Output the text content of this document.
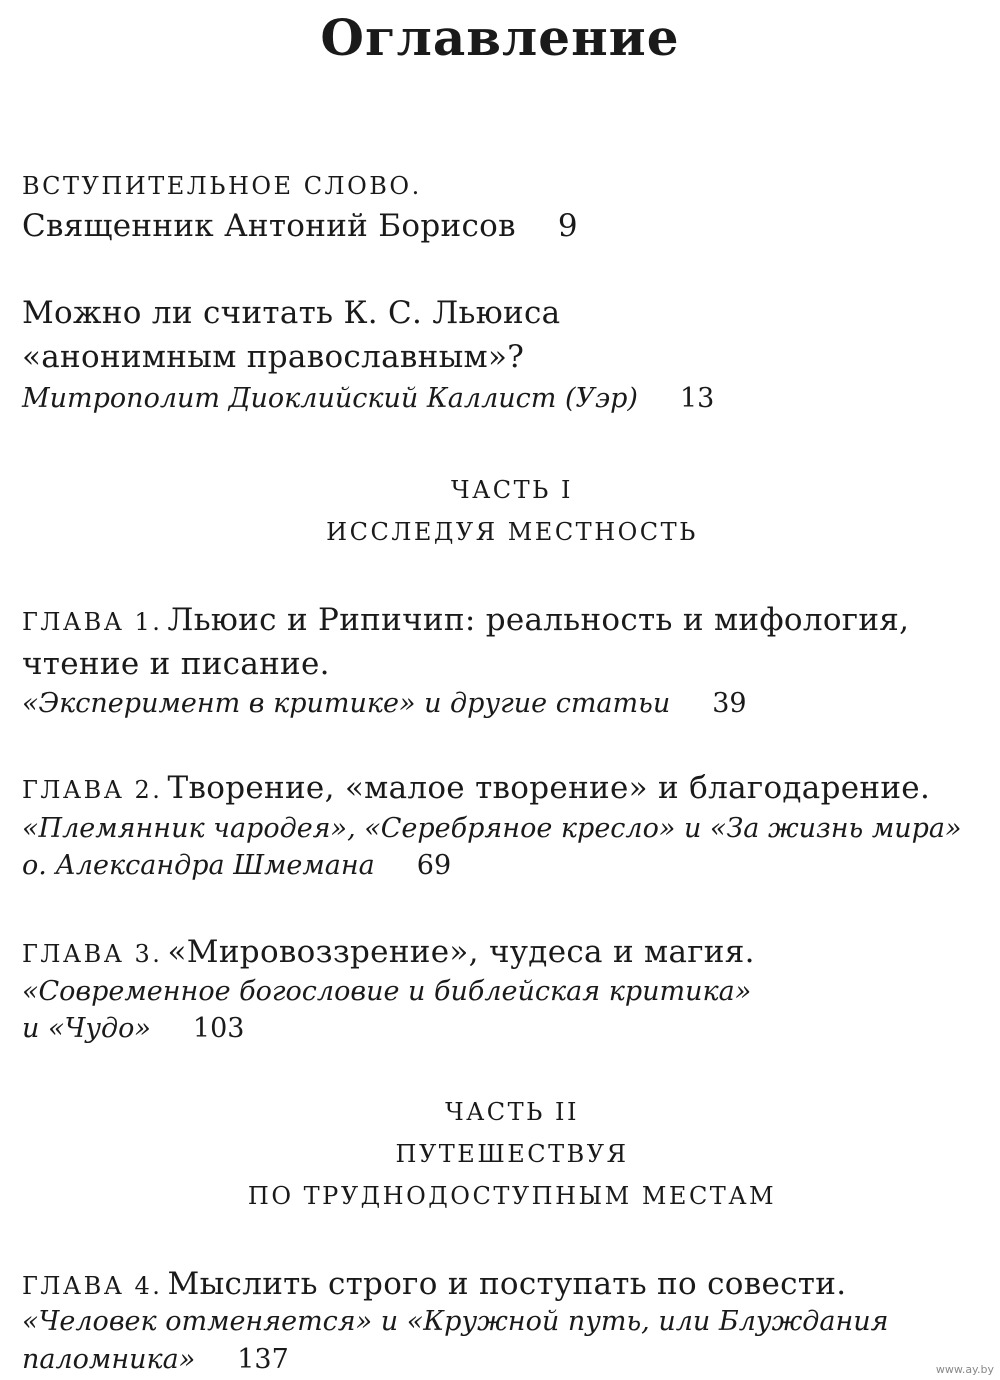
Оглавление
ВСТУПИТЕЛЬНОЕ СЛОВО.
Священник Антоний Борисов 9
Можно ли считать К. С. Льюиса
«анонимным православным»?
Митрополит Диоклийский Каллист (Уэр) 13
ЧАСТЬ I
ИССЛЕДУЯ МЕСТНОСТЬ
ГЛАВА 1. Льюис и Рипичип: реальность и мифология,
чтение и писание.
«Эксперимент в критике» и другие статьи 39
ГЛАВА 2. Творение, «малое творение» и благодарение.
«Племянник чародея», «Серебряное кресло» и «За жизнь мира»
о. Александра Шмемана 69
ГЛАВА 3. «Мировоззрение», чудеса и магия.
«Современное богословие и библейская критика»
и «Чудо» 103
ЧАСТЬ II
ПУТЕШЕСТВУЯ
ПО ТРУДНОДОСТУПНЫМ МЕСТАМ
ГЛАВА 4. Мыслить строго и поступать по совести.
«Человек отменяется» и «Кружной путь, или Блуждания
паломника» 137	www.ay.by
